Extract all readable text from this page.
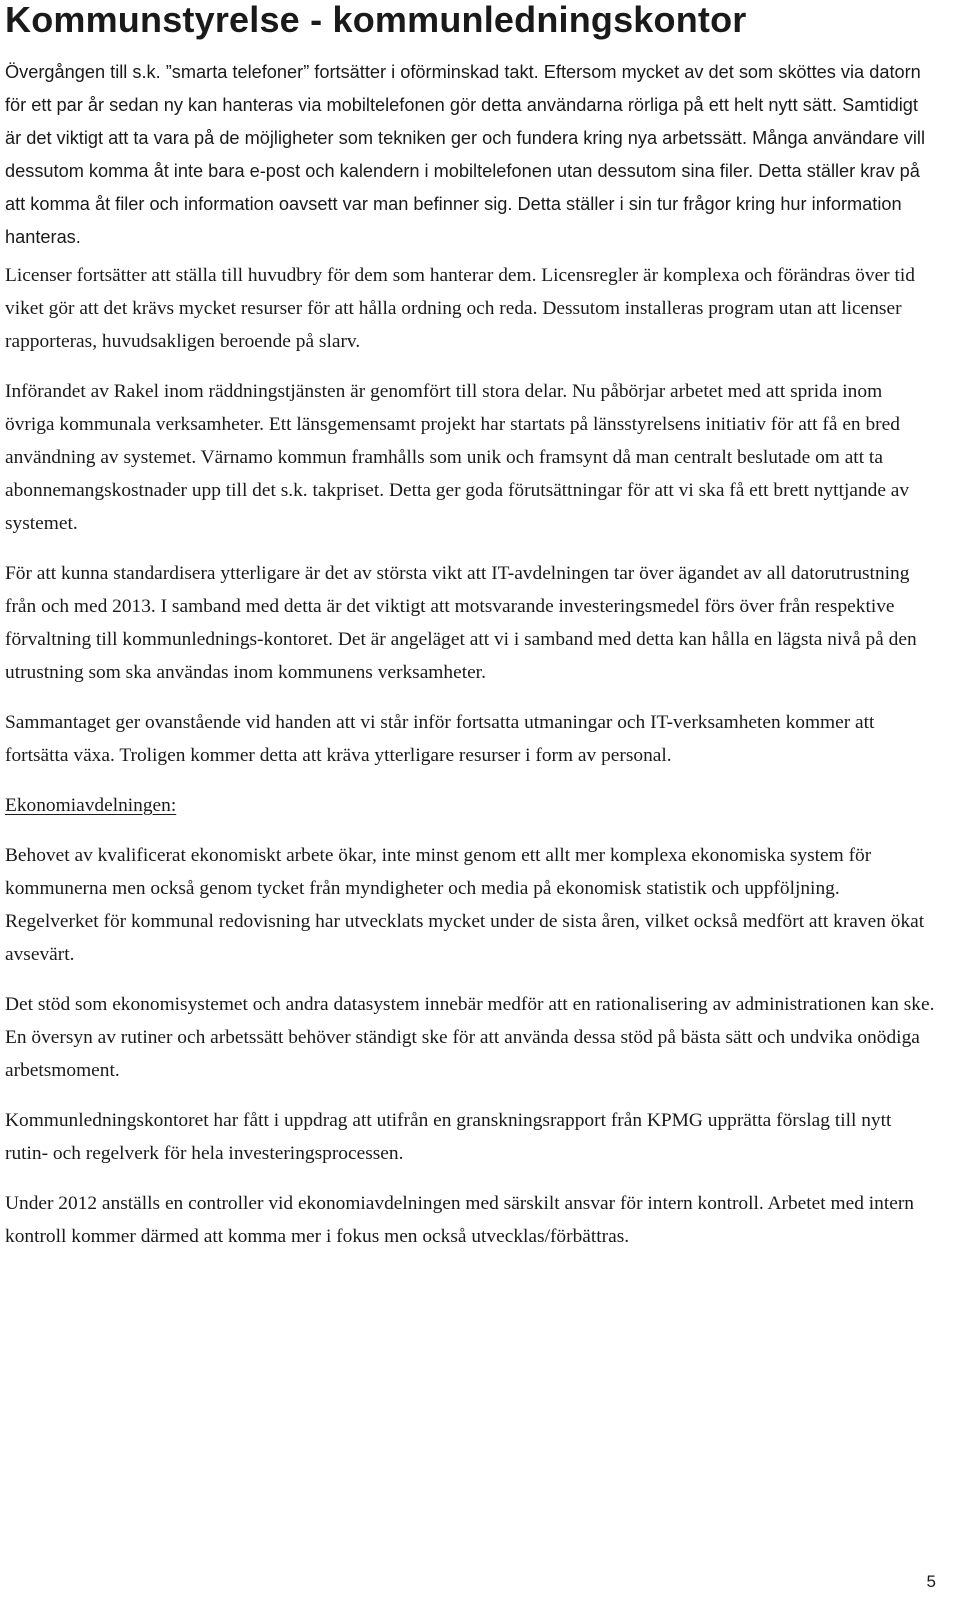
Kommunstyrelse - kommunledningskontor

Övergången till s.k. ”smarta telefoner” fortsätter i oförminskad takt. Eftersom mycket av det som sköttes via datorn för ett par år sedan ny kan hanteras via mobiltelefonen gör detta användarna rörliga på ett helt nytt sätt. Samtidigt är det viktigt att ta vara på de möjligheter som tekniken ger och fundera kring nya arbetssätt. Många användare vill dessutom komma åt inte bara e-post och kalendern i mobiltelefonen utan dessutom sina filer. Detta ställer krav på att komma åt filer och information oavsett var man befinner sig. Detta ställer i sin tur frågor kring hur information hanteras.

Licenser fortsätter att ställa till huvudbry för dem som hanterar dem. Licensregler är komplexa och förändras över tid viket gör att det krävs mycket resurser för att hålla ordning och reda. Dessutom installeras program utan att licenser rapporteras, huvudsakligen beroende på slarv.

Införandet av Rakel inom räddningstjänsten är genomfört till stora delar. Nu påbörjar arbetet med att sprida inom övriga kommunala verksamheter. Ett länsgemensamt projekt har startats på länsstyrelsens initiativ för att få en bred användning av systemet. Värnamo kommun framhålls som unik och framsynt då man centralt beslutade om att ta abonnemangskostnader upp till det s.k. takpriset. Detta ger goda förutsättningar för att vi ska få ett brett nyttjande av systemet.

För att kunna standardisera ytterligare är det av största vikt att IT-avdelningen tar över ägandet av all datorutrustning från och med 2013. I samband med detta är det viktigt att motsvarande investeringsmedel förs över från respektive förvaltning till kommunlednings-kontoret. Det är angeläget att vi i samband med detta kan hålla en lägsta nivå på den utrustning som ska användas inom kommunens verksamheter.

Sammantaget ger ovanstående vid handen att vi står inför fortsatta utmaningar och IT-verksamheten kommer att fortsätta växa. Troligen kommer detta att kräva ytterligare resurser i form av personal.

Ekonomiavdelningen:

Behovet av kvalificerat ekonomiskt arbete ökar, inte minst genom ett allt mer komplexa ekonomiska system för kommunerna men också genom tycket från myndigheter och media på ekonomisk statistik och uppföljning. Regelverket för kommunal redovisning har utvecklats mycket under de sista åren, vilket också medfört att kraven ökat avsevärt.

Det stöd som ekonomisystemet och andra datasystem innebär medför att en rationalisering av administrationen kan ske. En översyn av rutiner och arbetssätt behöver ständigt ske för att använda dessa stöd på bästa sätt och undvika onödiga arbetsmoment.

Kommunledningskontoret har fått i uppdrag att utifrån en granskningsrapport från KPMG upprätta förslag till nytt rutin- och regelverk för hela investeringsprocessen.

Under 2012 anställs en controller vid ekonomiavdelningen med särskilt ansvar för intern kontroll. Arbetet med intern kontroll kommer därmed att komma mer i fokus men också utvecklas/förbättras.

5
